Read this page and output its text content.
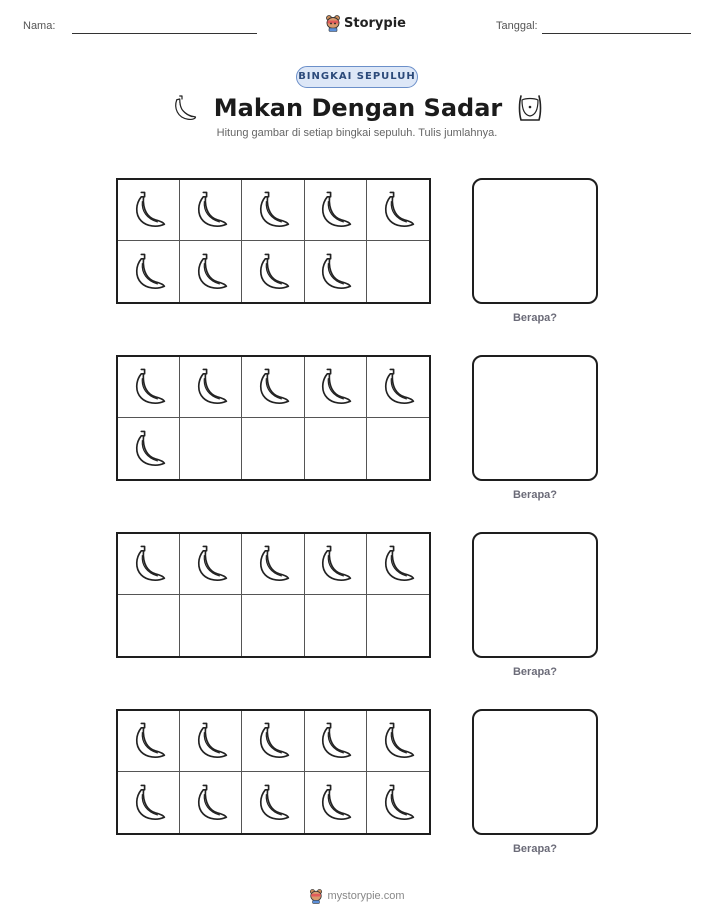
Nama:	Storypie	Tanggal:
BINGKAI SEPULUH
Makan Dengan Sadar
Hitung gambar di setiap bingkai sepuluh. Tulis jumlahnya.
Berapa?
Berapa?
Berapa?
Berapa?
mystorypie.com
